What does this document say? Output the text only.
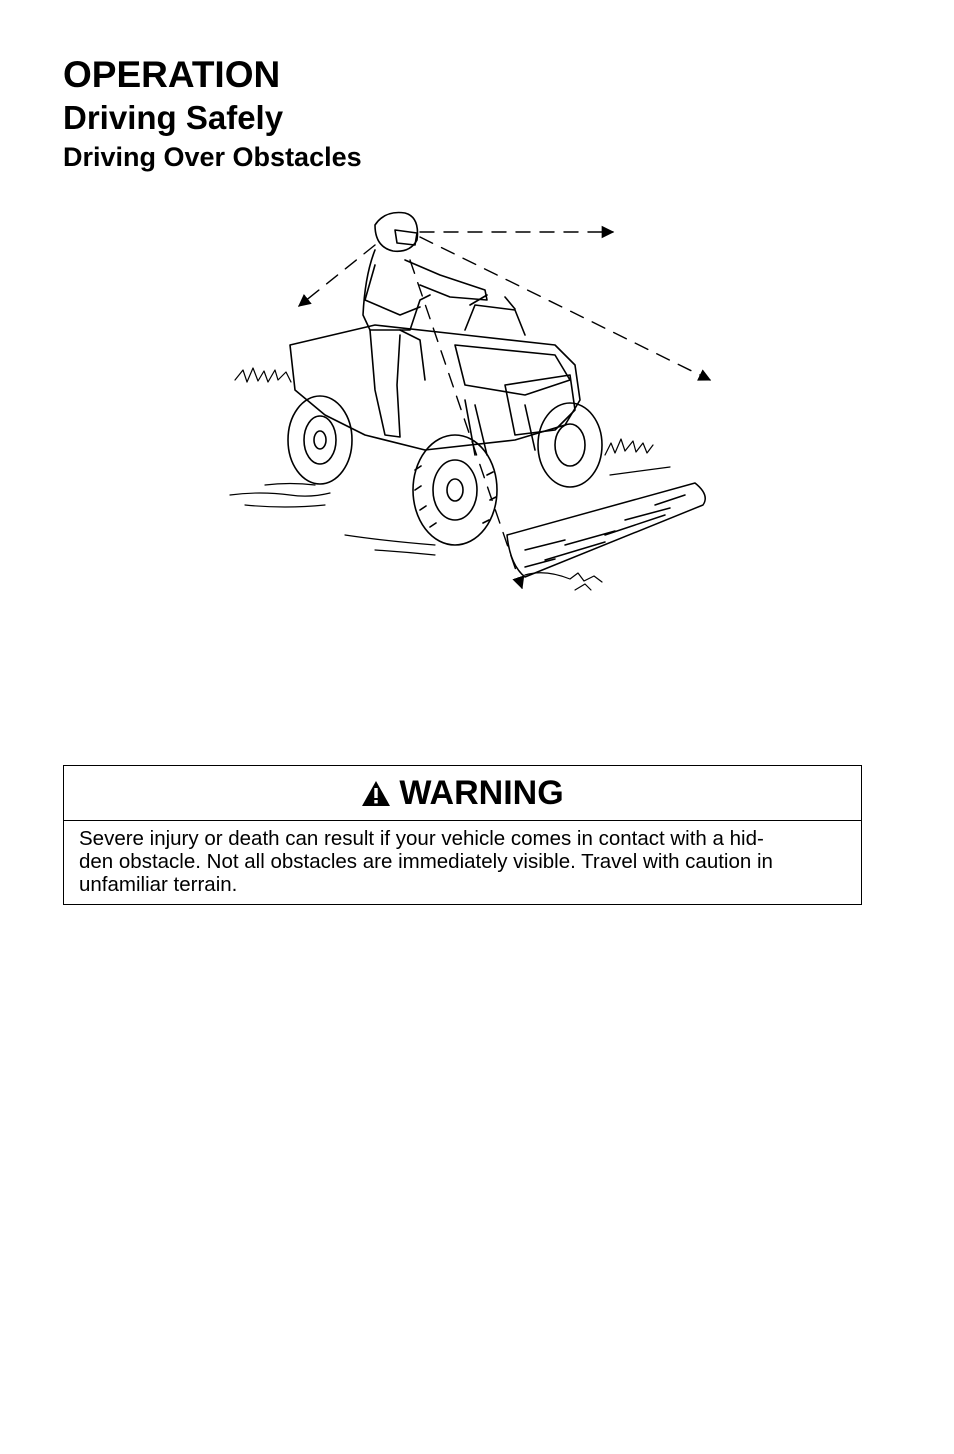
OPERATION
Driving Safely
Driving Over Obstacles
WARNING
Severe injury or death can result if your vehicle comes in contact with a hid-
den obstacle. Not all obstacles are immediately visible. Travel with caution in
unfamiliar terrain.
